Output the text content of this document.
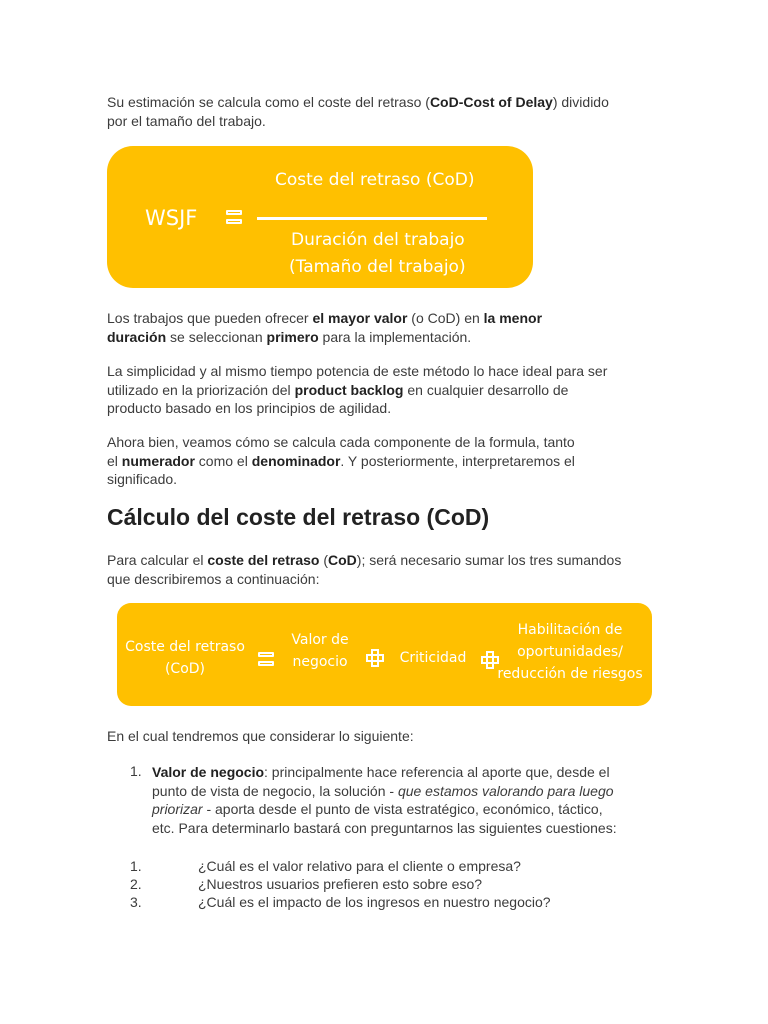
Su estimación se calcula como el coste del retraso (CoD-Cost of Delay) dividido
por el tamaño del trabajo.

WSJF
Coste del retraso (CoD)
Duración del trabajo
(Tamaño del trabajo)

Los trabajos que pueden ofrecer el mayor valor (o CoD) en la menor
duración se seleccionan primero para la implementación.

La simplicidad y al mismo tiempo potencia de este método lo hace ideal para ser
utilizado en la priorización del product backlog en cualquier desarrollo de
producto basado en los principios de agilidad.

Ahora bien, veamos cómo se calcula cada componente de la formula, tanto
el numerador como el denominador. Y posteriormente, interpretaremos el
significado.

Cálculo del coste del retraso (CoD)

Para calcular el coste del retraso (CoD); será necesario sumar los tres sumandos
que describiremos a continuación:

Coste del retraso
(CoD)
Valor de
negocio	Criticidad
Habilitación de
oportunidades/
reducción de riesgos

En el cual tendremos que considerar lo siguiente:

1. Valor de negocio: principalmente hace referencia al aporte que, desde el
punto de vista de negocio, la solución - que estamos valorando para luego
priorizar - aporta desde el punto de vista estratégico, económico, táctico,
etc. Para determinarlo bastará con preguntarnos las siguientes cuestiones:

1.	¿Cuál es el valor relativo para el cliente o empresa?
2.	¿Nuestros usuarios prefieren esto sobre eso?
3.	¿Cuál es el impacto de los ingresos en nuestro negocio?
